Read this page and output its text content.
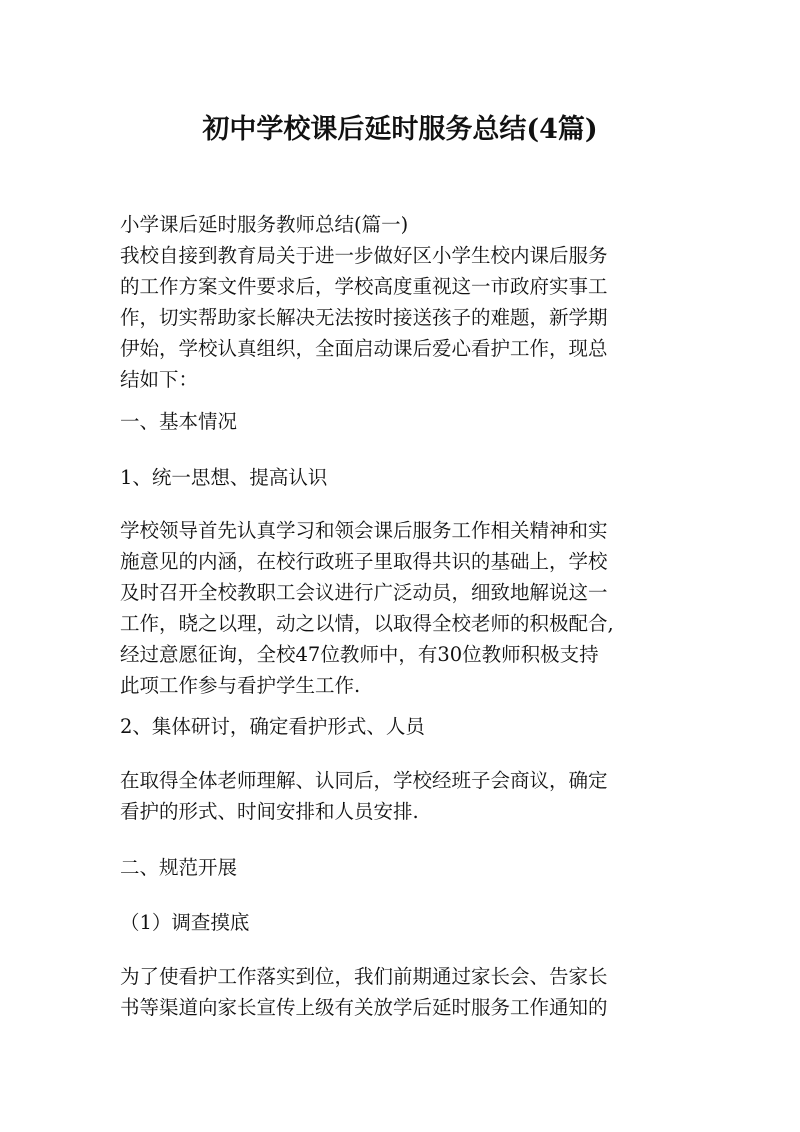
初中学校课后延时服务总结(4篇)
小学课后延时服务教师总结(篇一)
我校自接到教育局关于进一步做好区小学生校内课后服务
的工作方案文件要求后，学校高度重视这一市政府实事工
作，切实帮助家长解决无法按时接送孩子的难题，新学期
伊始，学校认真组织，全面启动课后爱心看护工作，现总
结如下：
一、基本情况
1、统一思想、提高认识
学校领导首先认真学习和领会课后服务工作相关精神和实
施意见的内涵，在校行政班子里取得共识的基础上，学校
及时召开全校教职工会议进行广泛动员，细致地解说这一
工作，晓之以理，动之以情，以取得全校老师的积极配合,
经过意愿征询，全校47位教师中，有30位教师积极支持
此项工作参与看护学生工作.
2、集体研讨，确定看护形式、人员
在取得全体老师理解、认同后，学校经班子会商议，确定
看护的形式、时间安排和人员安排.
二、规范开展
（1）调查摸底
为了使看护工作落实到位，我们前期通过家长会、告家长
书等渠道向家长宣传上级有关放学后延时服务工作通知的
